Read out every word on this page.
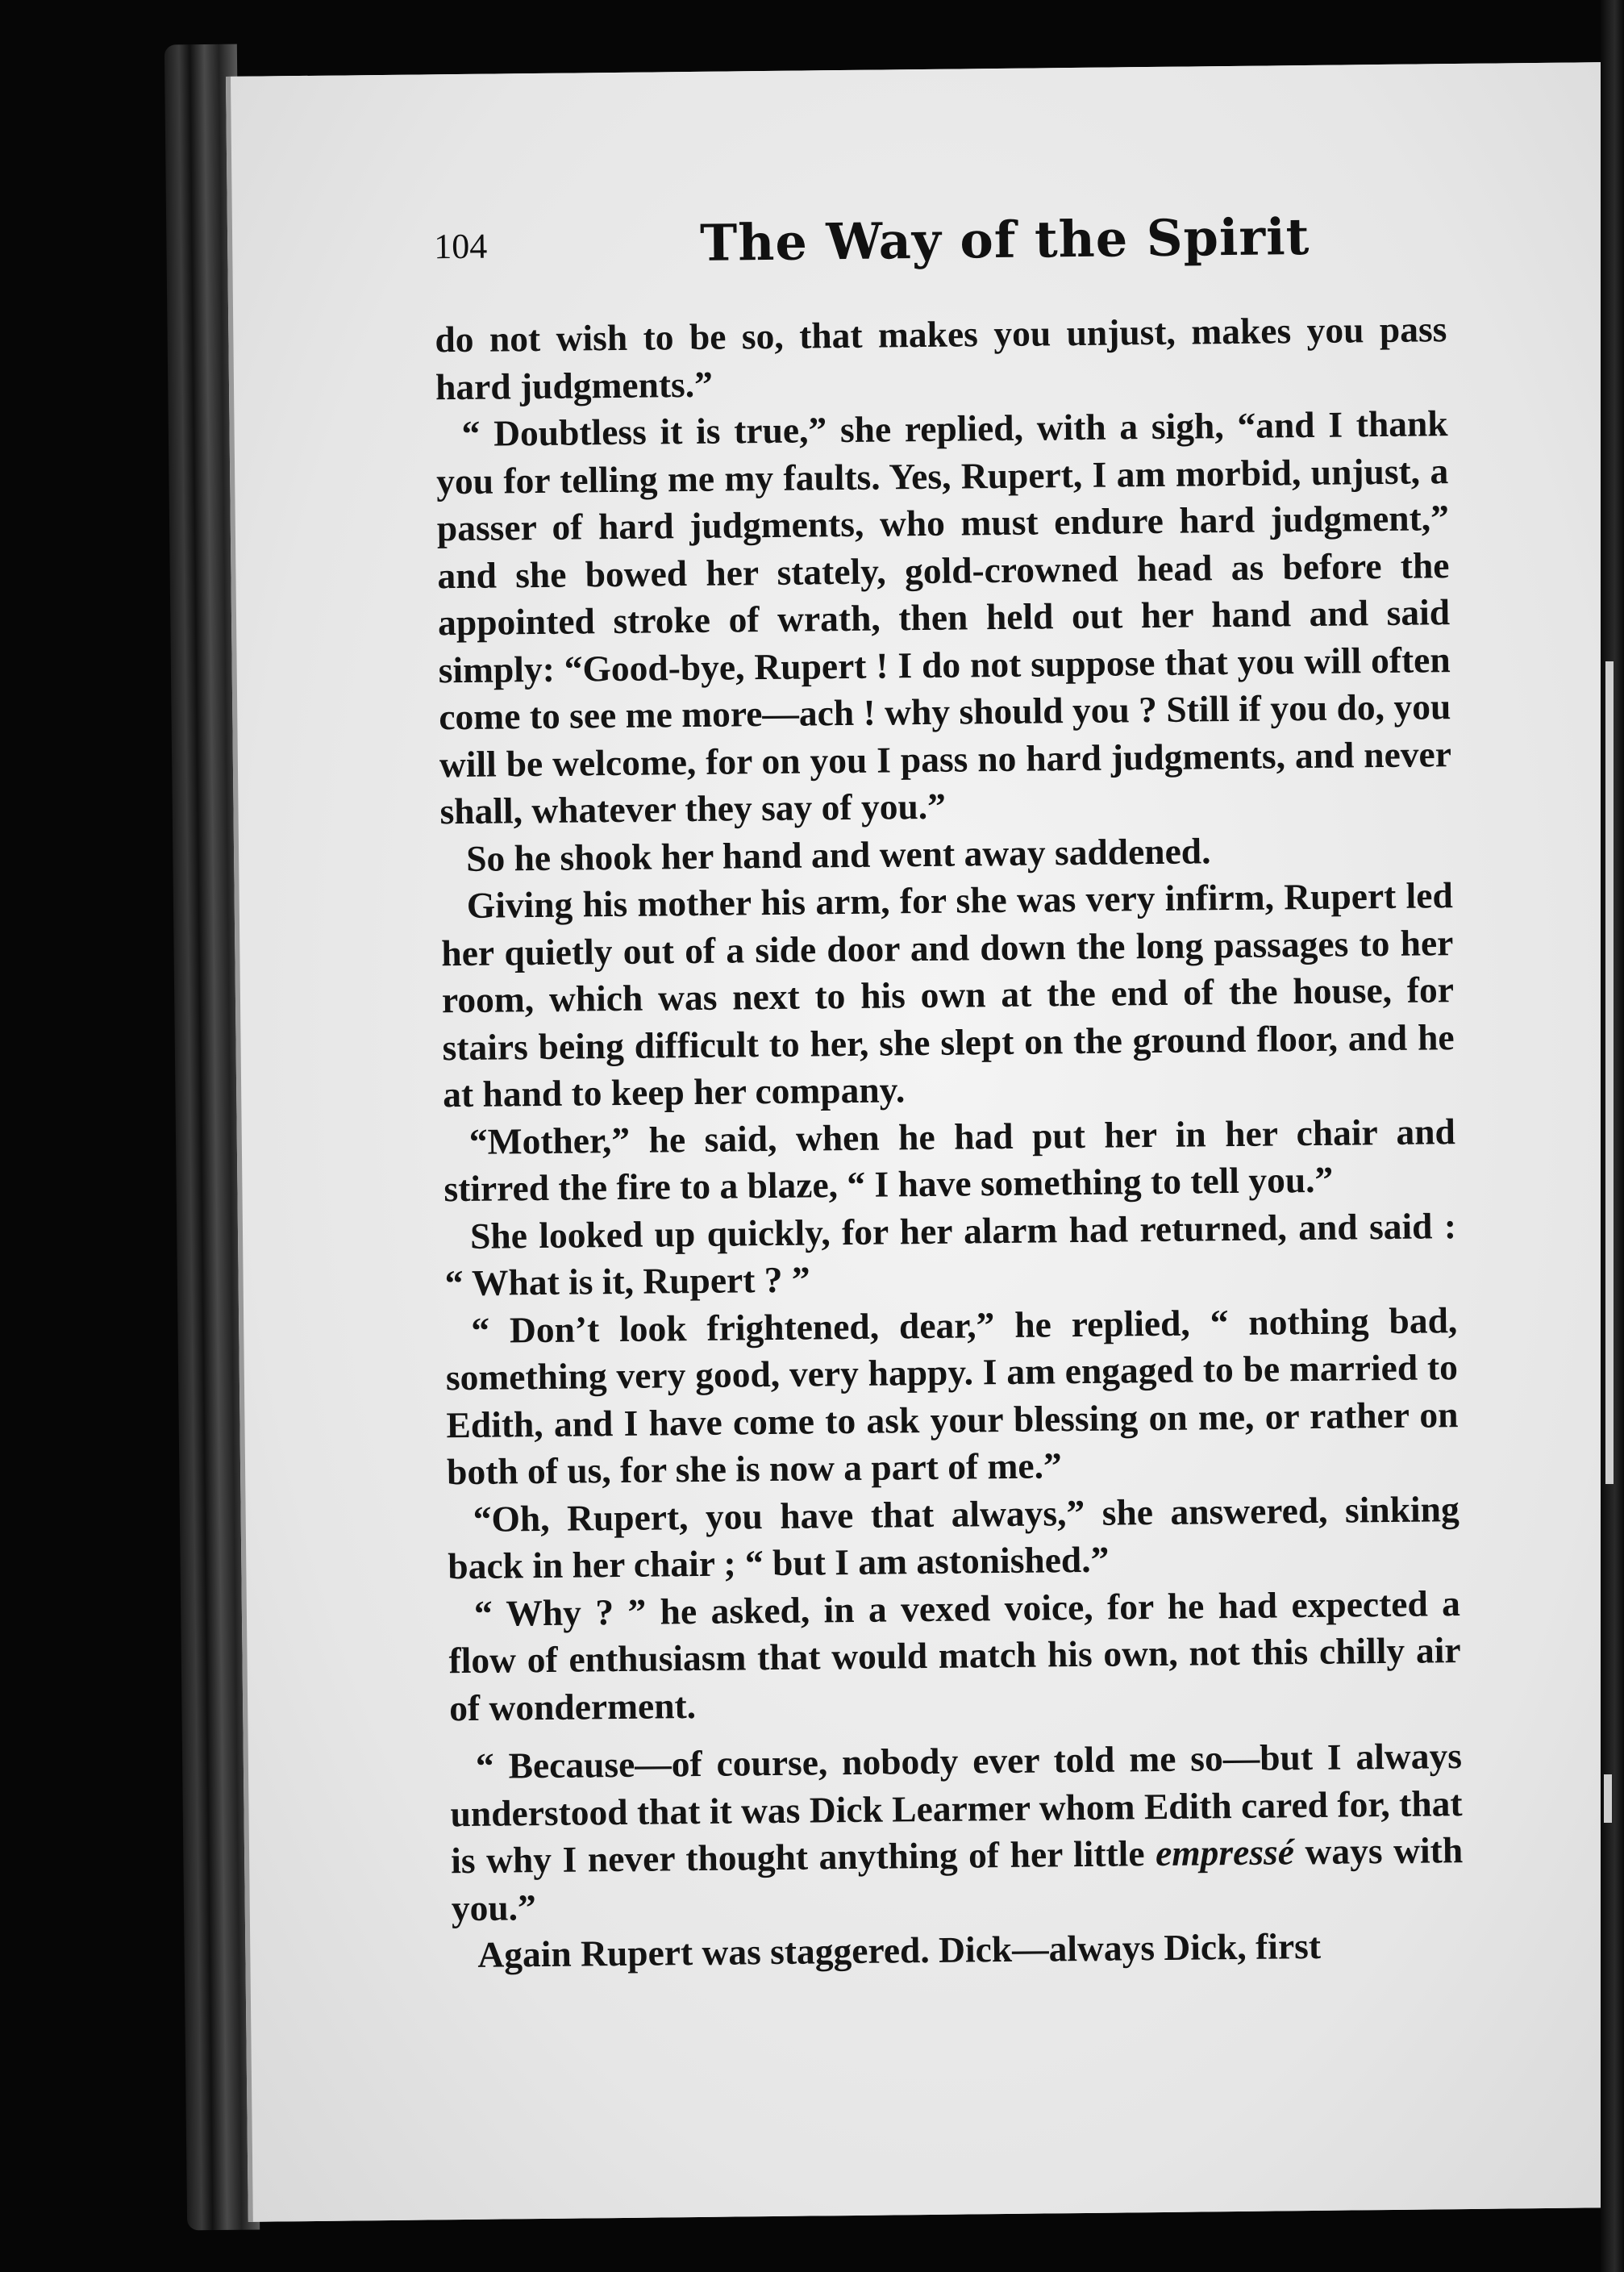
104	The Way of the Spirit

do not wish to be so, that makes you unjust, makes you pass hard judgments.”

“ Doubtless it is true,” she replied, with a sigh, “and I thank you for telling me my faults. Yes, Rupert, I am morbid, unjust, a passer of hard judgments, who must endure hard judgment,” and she bowed her stately, gold-crowned head as before the appointed stroke of wrath, then held out her hand and said simply: “Good-bye, Rupert ! I do not suppose that you will often come to see me more—ach ! why should you ? Still if you do, you will be welcome, for on you I pass no hard judgments, and never shall, whatever they say of you.”

So he shook her hand and went away saddened.

Giving his mother his arm, for she was very infirm, Rupert led her quietly out of a side door and down the long passages to her room, which was next to his own at the end of the house, for stairs being difficult to her, she slept on the ground floor, and he at hand to keep her company.

“Mother,” he said, when he had put her in her chair and stirred the fire to a blaze, “ I have something to tell you.”

She looked up quickly, for her alarm had returned, and said : “ What is it, Rupert ? ”

“ Don’t look frightened, dear,” he replied, “ nothing bad, something very good, very happy. I am engaged to be married to Edith, and I have come to ask your blessing on me, or rather on both of us, for she is now a part of me.”

“Oh, Rupert, you have that always,” she answered, sinking back in her chair ; “ but I am astonished.”

“ Why ? ” he asked, in a vexed voice, for he had expected a flow of enthusiasm that would match his own, not this chilly air of wonderment.

“ Because—of course, nobody ever told me so—but I always understood that it was Dick Learmer whom Edith cared for, that is why I never thought anything of her little empressé ways with you.”

Again Rupert was staggered. Dick—always Dick, first
